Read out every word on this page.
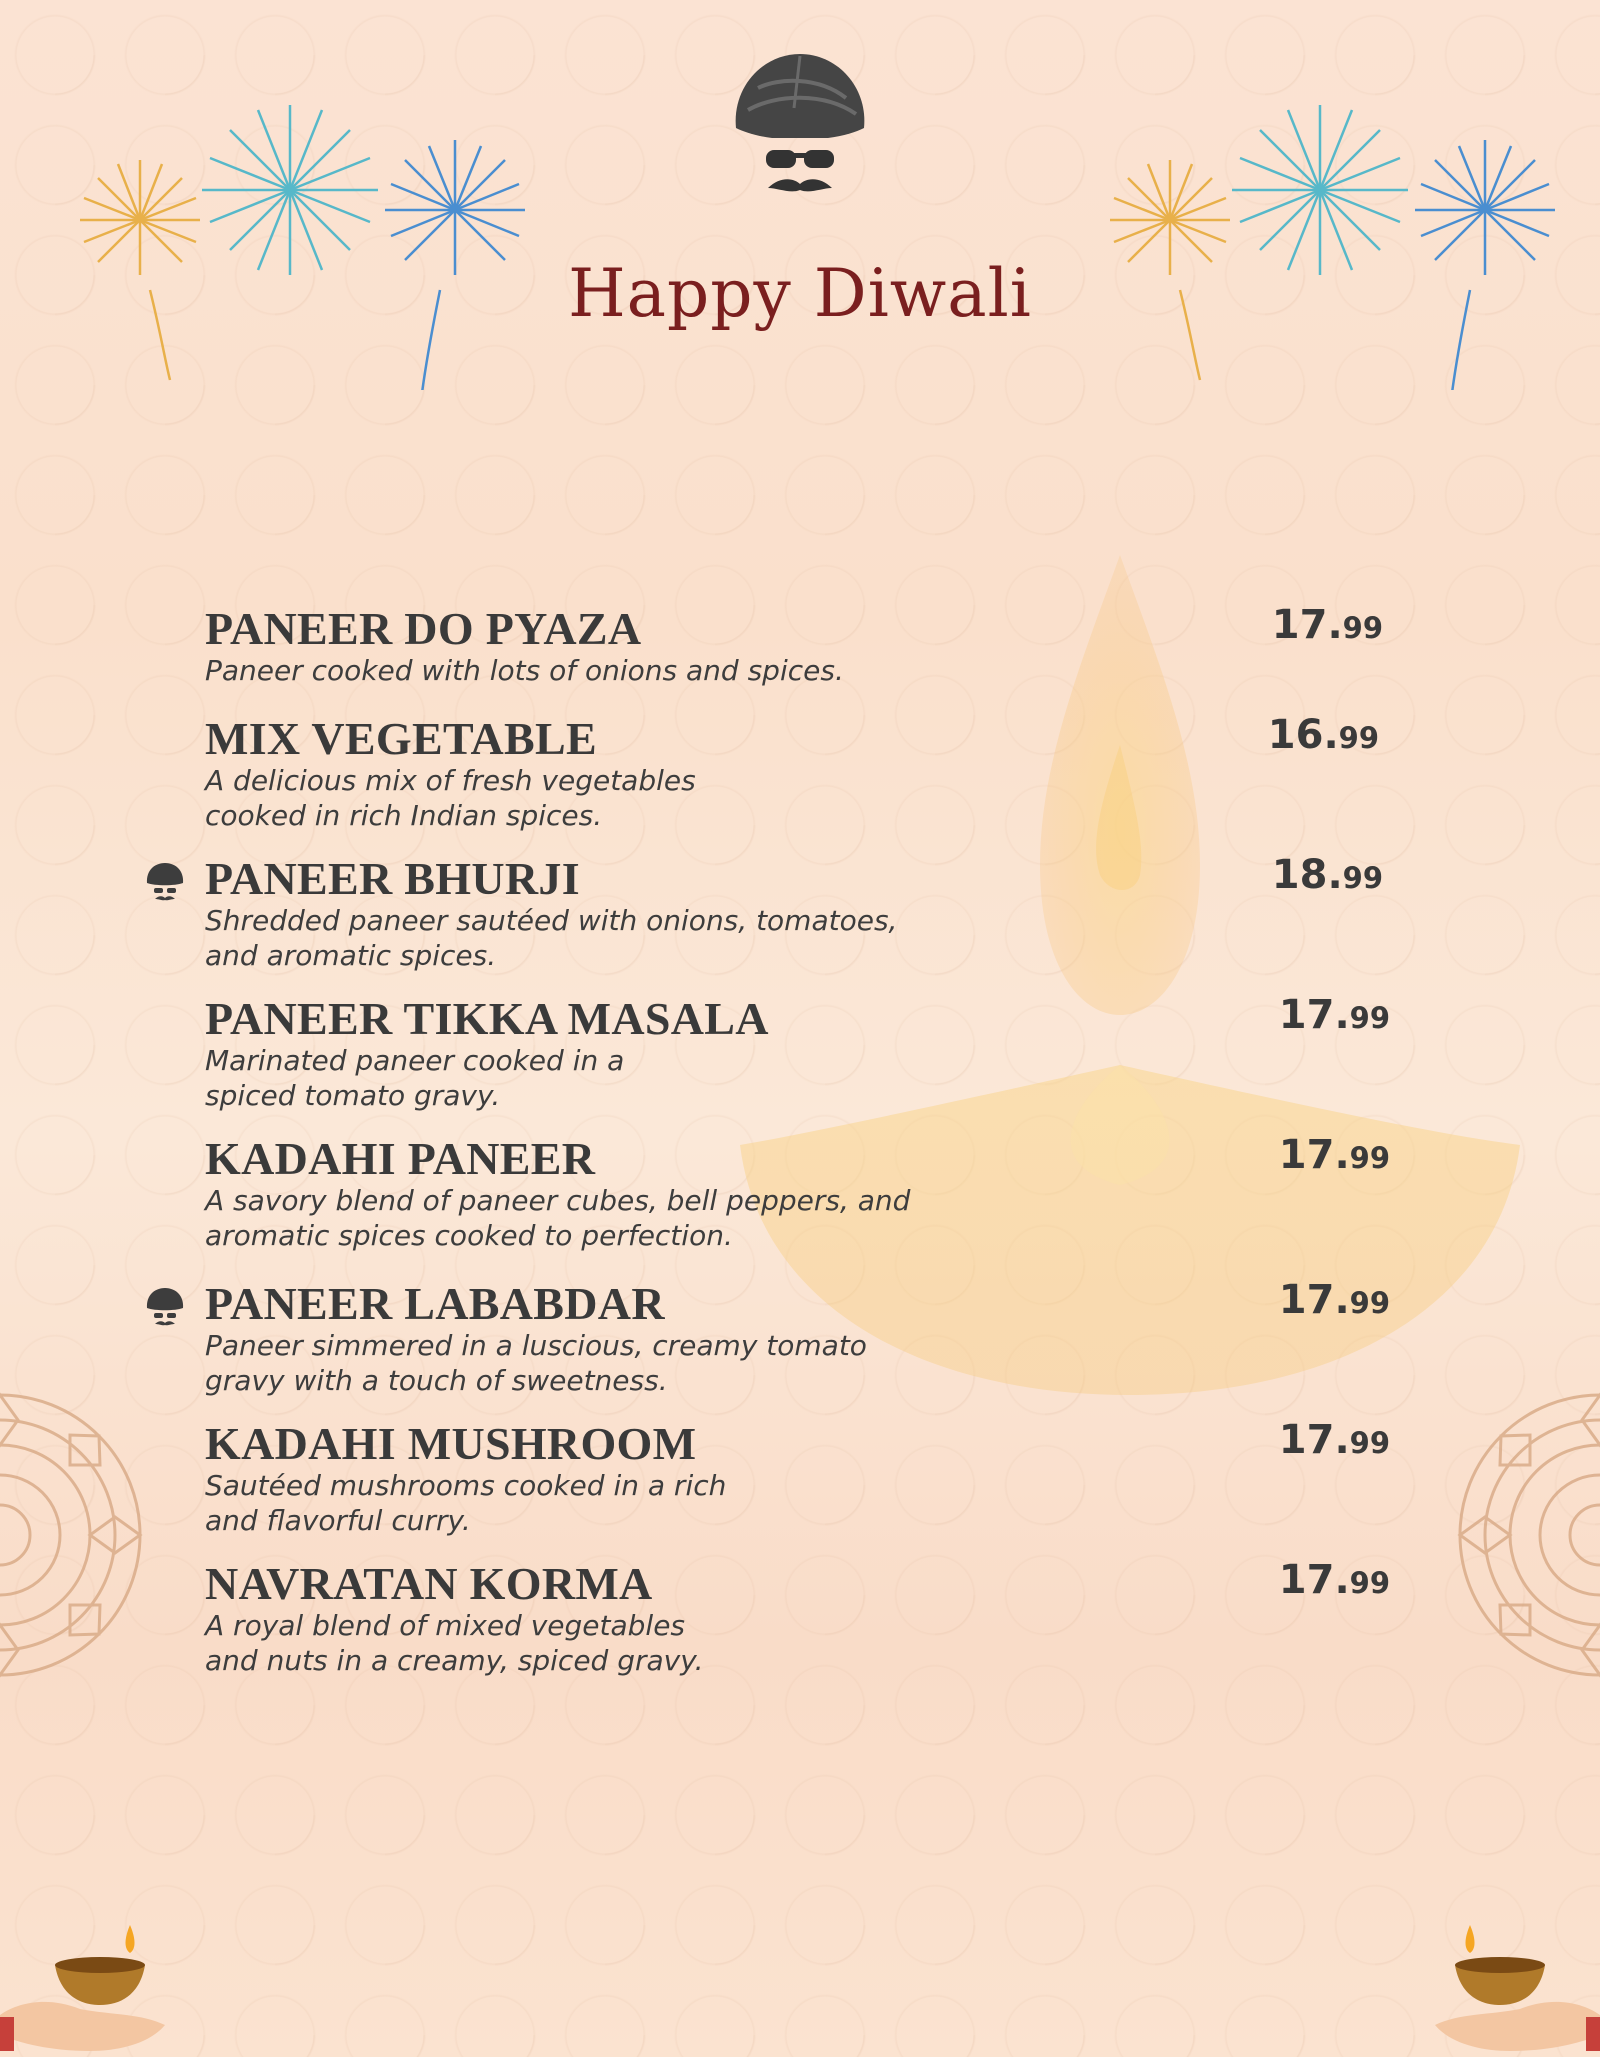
Happy Diwali
PANEER DO PYAZA
Paneer cooked with lots of onions and spices.
17.99
MIX VEGETABLE
A delicious mix of fresh vegetables
cooked in rich Indian spices.
16.99
PANEER BHURJI
Shredded paneer sautéed with onions, tomatoes,
and aromatic spices.
18.99
PANEER TIKKA MASALA
Marinated paneer cooked in a
spiced tomato gravy.
17.99
KADAHI PANEER
A savory blend of paneer cubes, bell peppers, and
aromatic spices cooked to perfection.
17.99
PANEER LABABDAR
Paneer simmered in a luscious, creamy tomato
gravy with a touch of sweetness.
17.99
KADAHI MUSHROOM
Sautéed mushrooms cooked in a rich
and flavorful curry.
17.99
NAVRATAN KORMA
A royal blend of mixed vegetables
and nuts in a creamy, spiced gravy.
17.99
